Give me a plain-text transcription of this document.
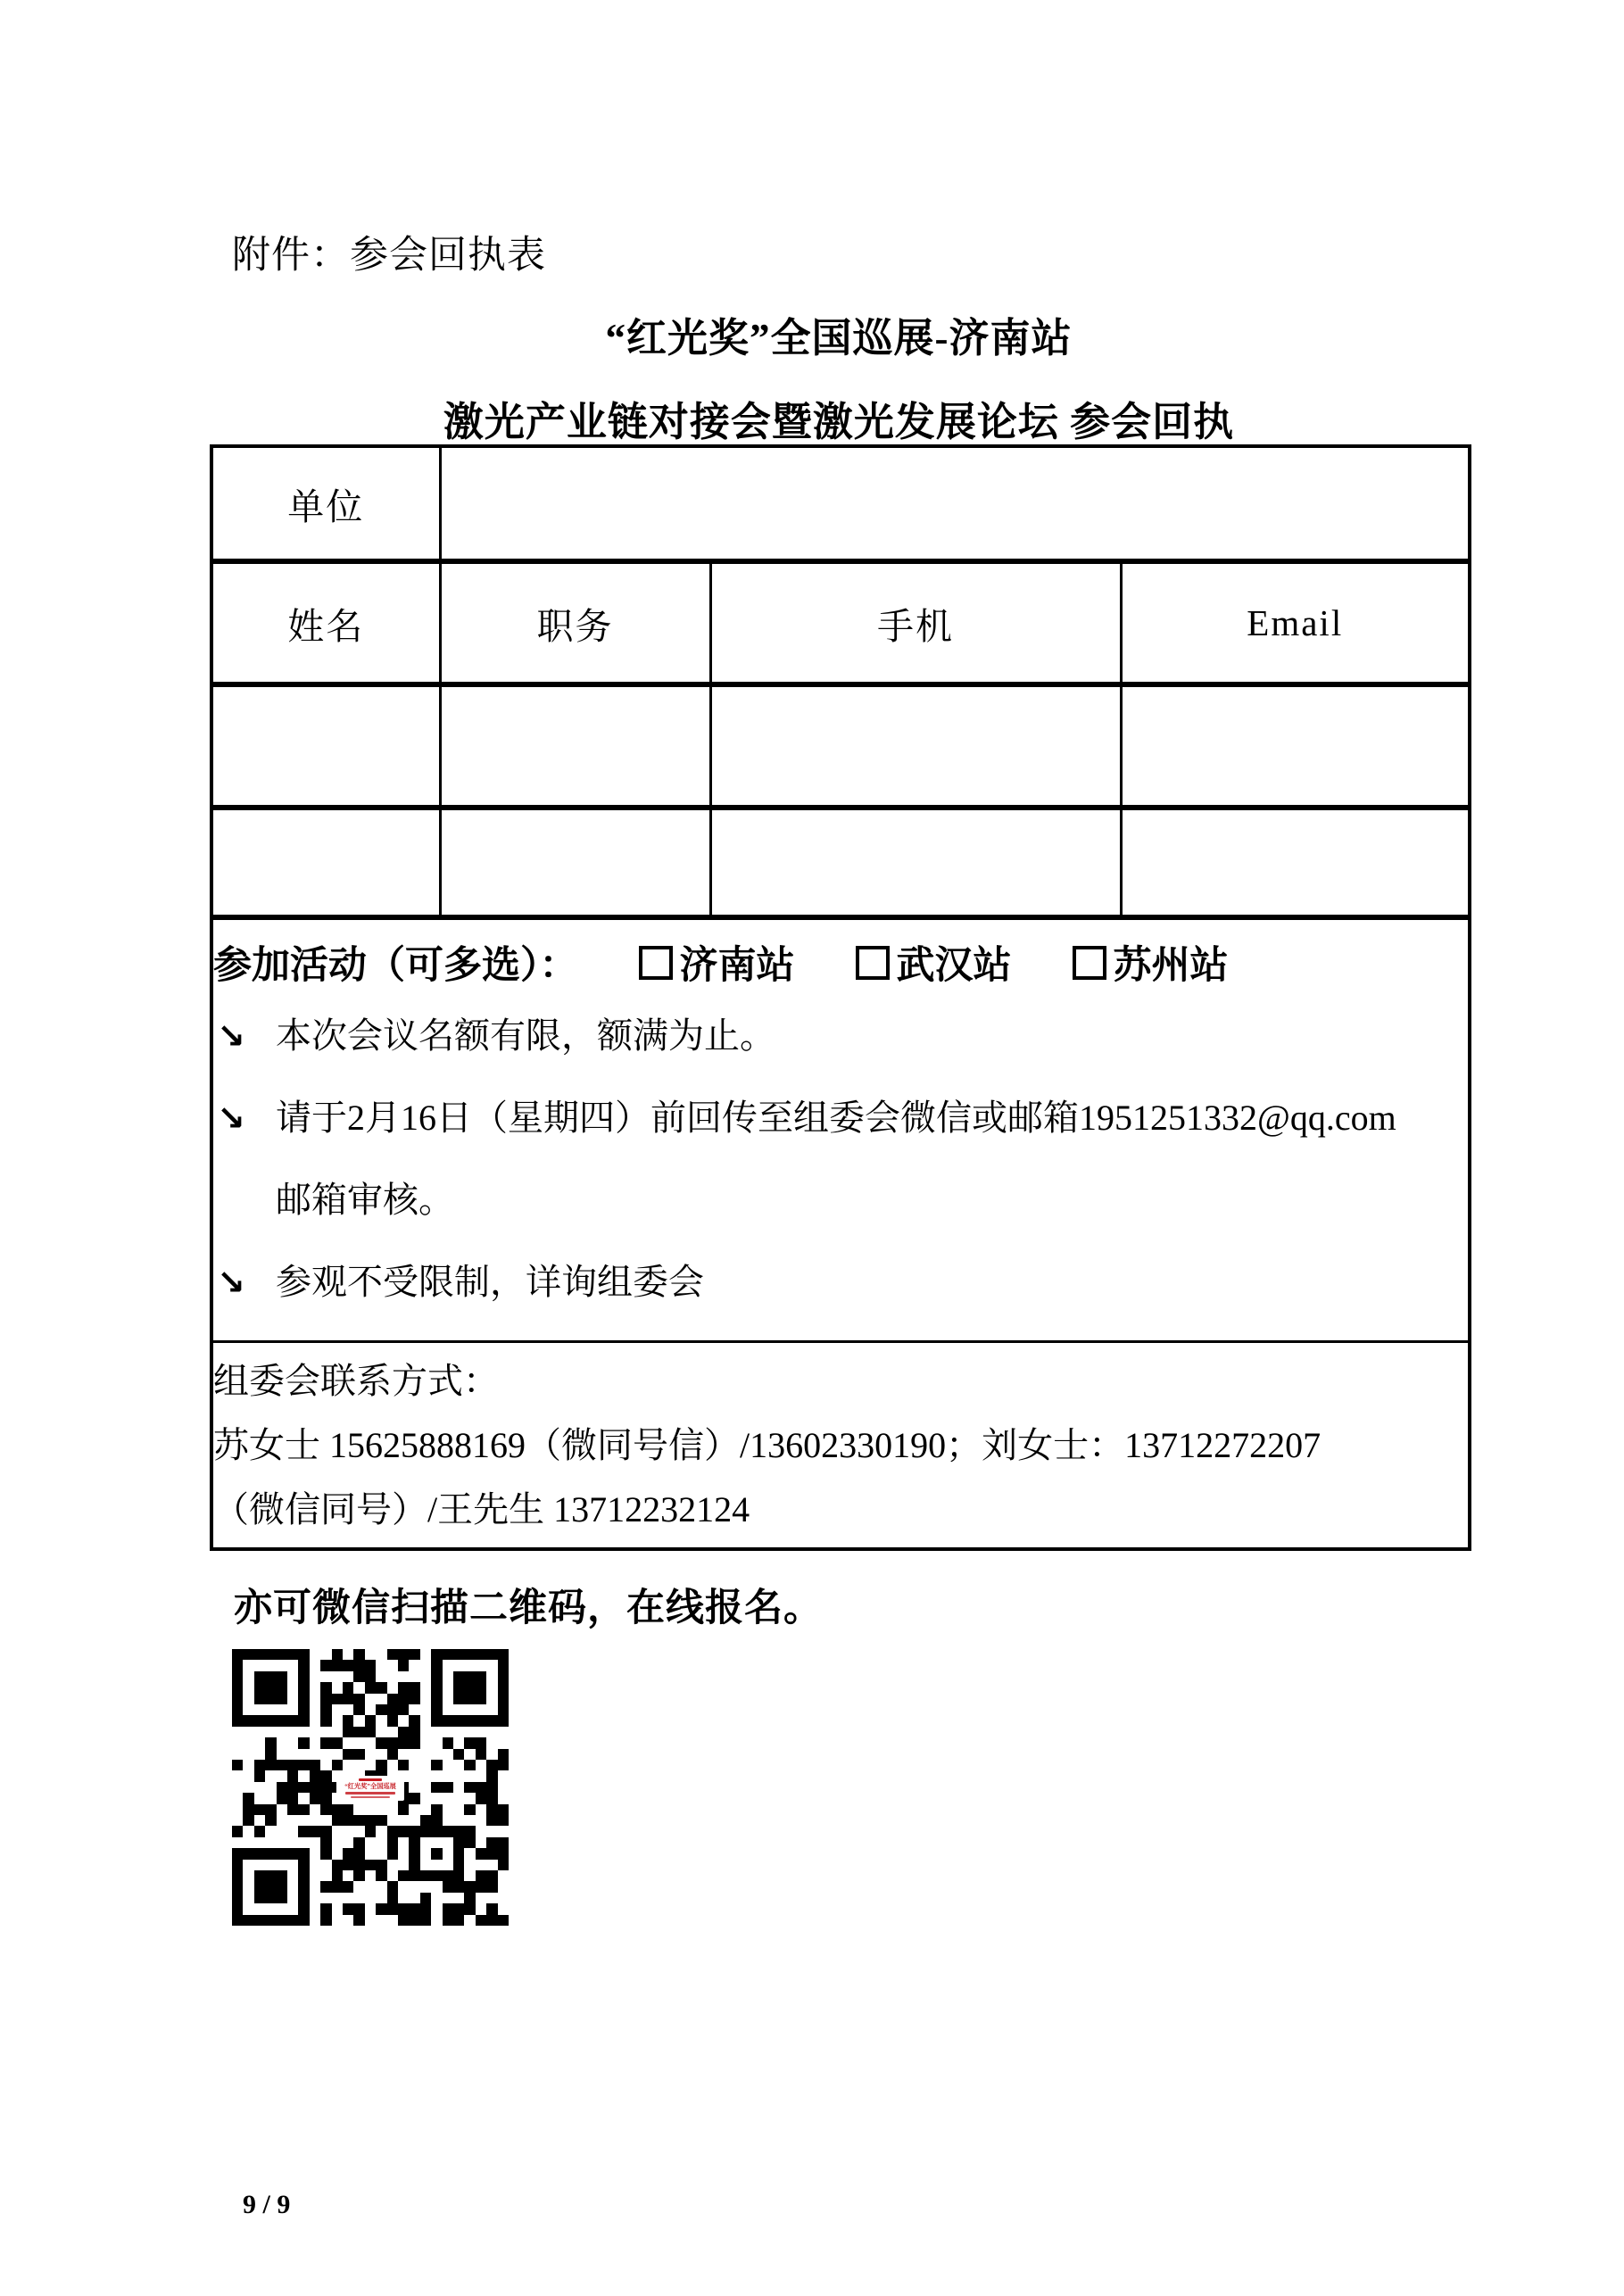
附件：参会回执表
“红光奖”全国巡展-济南站
激光产业链对接会暨激光发展论坛 参会回执
单位			
姓名	职务	手机	Email

参加活动（可多选）：	济南站	武汉站	苏州站
↘ 本次会议名额有限，额满为止。
↘ 请于2月16日（星期四）前回传至组委会微信或邮箱1951251332@qq.com
邮箱审核。
↘ 参观不受限制，详询组委会

组委会联系方式：
苏女士 15625888169（微同号信）/13602330190；刘女士：13712272207
（微信同号）/王先生 13712232124			
亦可微信扫描二维码，在线报名。
“红光奖”全国巡展
9 / 9
